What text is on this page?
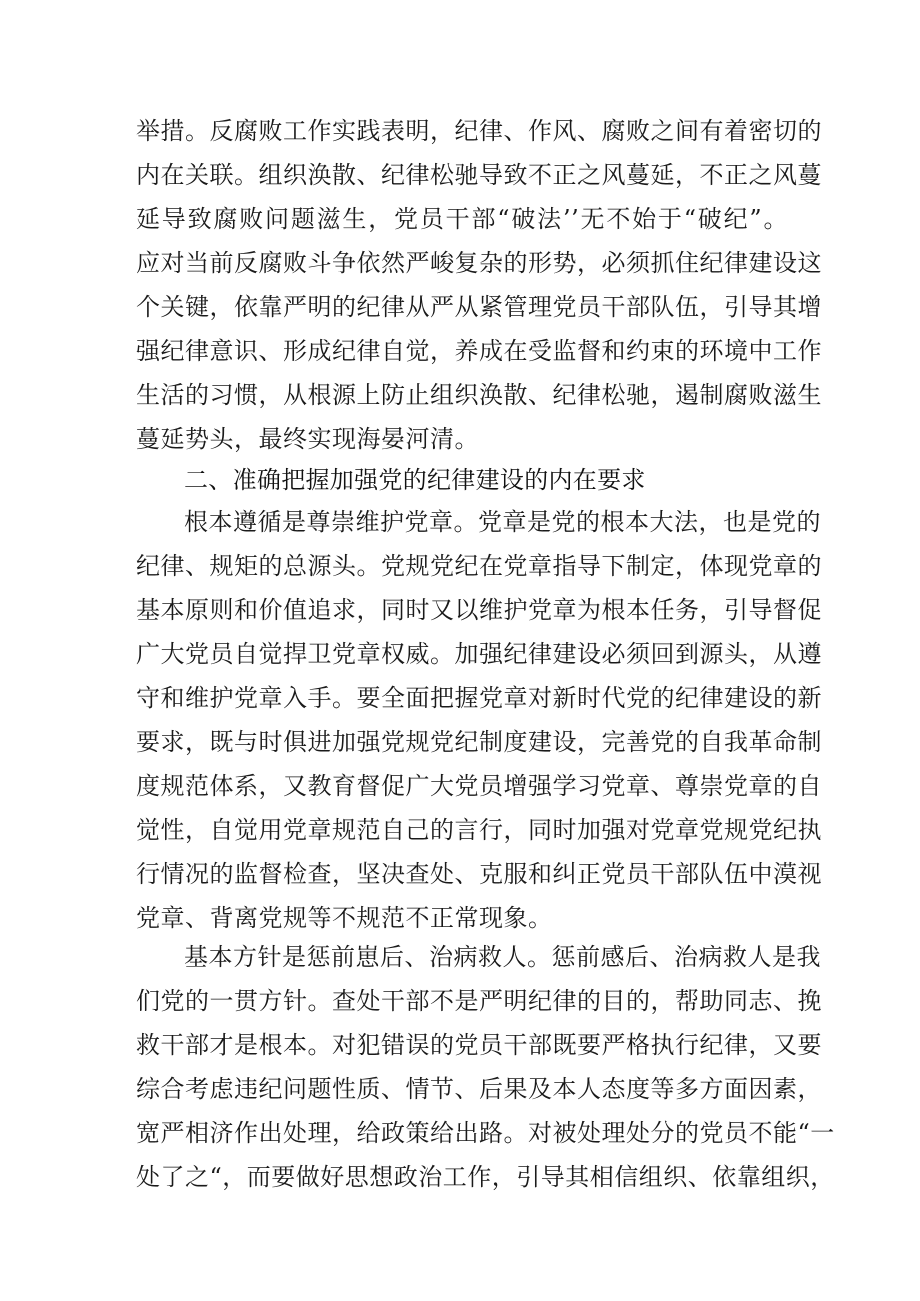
举措。反腐败工作实践表明，纪律、作风、腐败之间有着密切的
内在关联。组织涣散、纪律松驰导致不正之风蔓延，不正之风蔓
延导致腐败问题滋生，党员干部“破法’’无不始于“破纪”。
应对当前反腐败斗争依然严峻复杂的形势，必须抓住纪律建设这
个关键，依靠严明的纪律从严从紧管理党员干部队伍，引导其增
强纪律意识、形成纪律自觉，养成在受监督和约束的环境中工作
生活的习惯，从根源上防止组织涣散、纪律松驰，遏制腐败滋生
蔓延势头，最终实现海晏河清。
二、准确把握加强党的纪律建设的内在要求
根本遵循是尊崇维护党章。党章是党的根本大法，也是党的
纪律、规矩的总源头。党规党纪在党章指导下制定，体现党章的
基本原则和价值追求，同时又以维护党章为根本任务，引导督促
广大党员自觉捍卫党章权威。加强纪律建设必须回到源头，从遵
守和维护党章入手。要全面把握党章对新时代党的纪律建设的新
要求，既与时俱进加强党规党纪制度建设，完善党的自我革命制
度规范体系，又教育督促广大党员增强学习党章、尊崇党章的自
觉性，自觉用党章规范自己的言行，同时加强对党章党规党纪执
行情况的监督检查，坚决查处、克服和纠正党员干部队伍中漠视
党章、背离党规等不规范不正常现象。
基本方针是惩前崽后、治病救人。惩前感后、治病救人是我
们党的一贯方针。查处干部不是严明纪律的目的，帮助同志、挽
救干部才是根本。对犯错误的党员干部既要严格执行纪律，又要
综合考虑违纪问题性质、情节、后果及本人态度等多方面因素，
宽严相济作出处理，给政策给出路。对被处理处分的党员不能“一
处了之“，而要做好思想政治工作，引导其相信组织、依靠组织，
